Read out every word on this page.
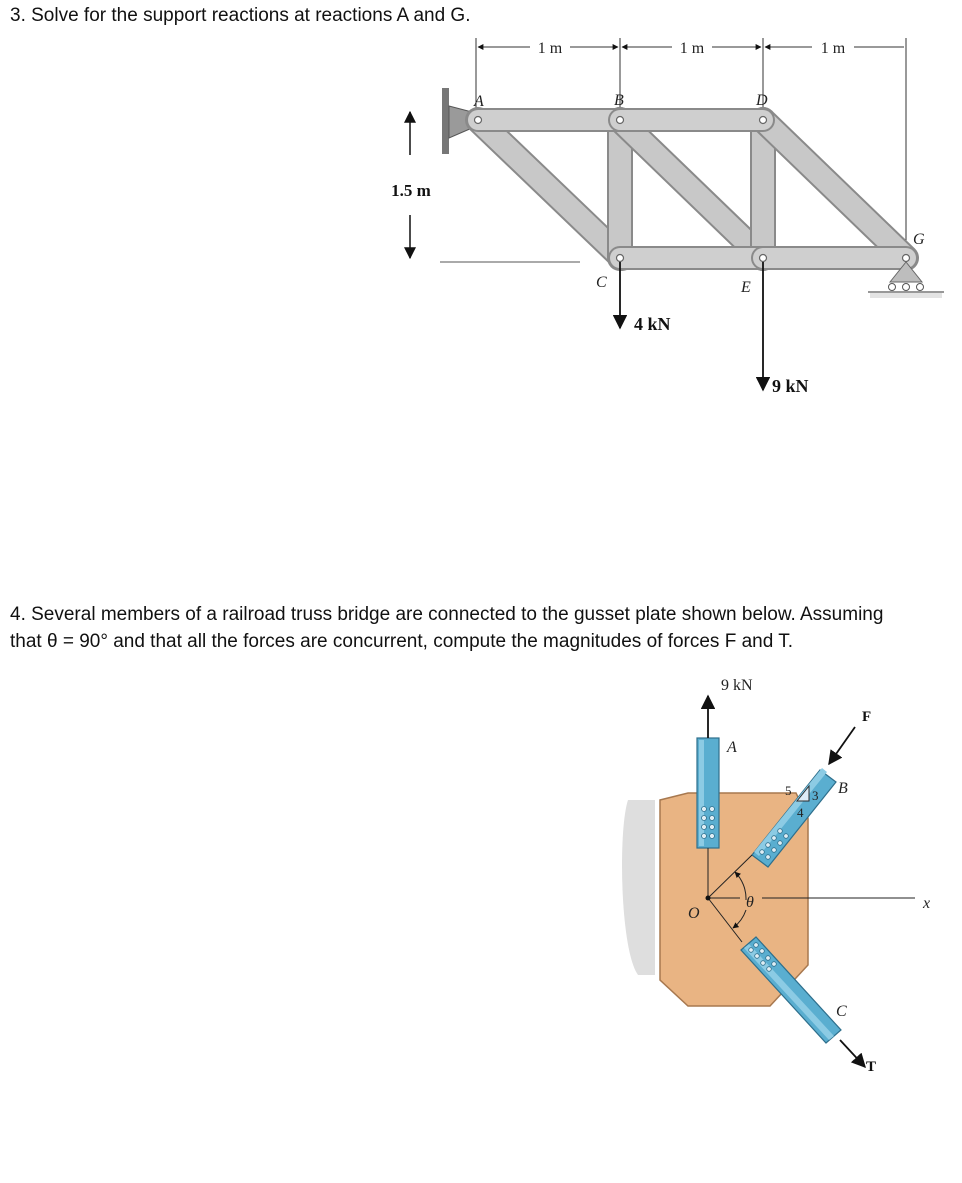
3. Solve for the support reactions at reactions A and G.

4. Several members of a railroad truss bridge are connected to the gusset plate shown below. Assuming that θ = 90° and that all the forces are concurrent, compute the magnitudes of forces F and T.

1 m	1 m	1 m
1.5 m
A	B	D
C	E
G
4 kN
9 kN
A
9 kN
B
F
5 3
4
C
T
O
x
θ
